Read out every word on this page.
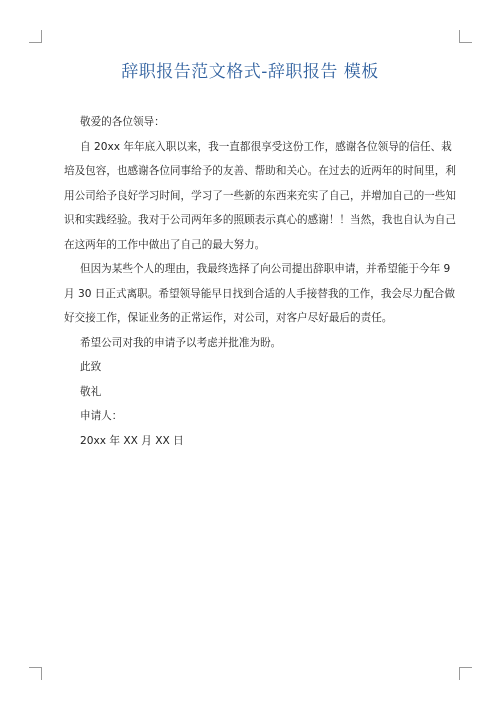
辞职报告范文格式-辞职报告 模板
敬爱的各位领导：
自 20xx 年年底入职以来，我一直都很享受这份工作，感谢各位领导的信任、栽
培及包容，也感谢各位同事给予的友善、帮助和关心。在过去的近两年的时间里，利
用公司给予良好学习时间，学习了一些新的东西来充实了自己，并增加自己的一些知
识和实践经验。我对于公司两年多的照顾表示真心的感谢！！当然，我也自认为自己
在这两年的工作中做出了自己的最大努力。
但因为某些个人的理由，我最终选择了向公司提出辞职申请，并希望能于今年 9
月 30 日正式离职。希望领导能早日找到合适的人手接替我的工作，我会尽力配合做
好交接工作，保证业务的正常运作，对公司，对客户尽好最后的责任。
希望公司对我的申请予以考虑并批准为盼。
此致
敬礼
申请人：
20xx 年 XX 月 XX 日
